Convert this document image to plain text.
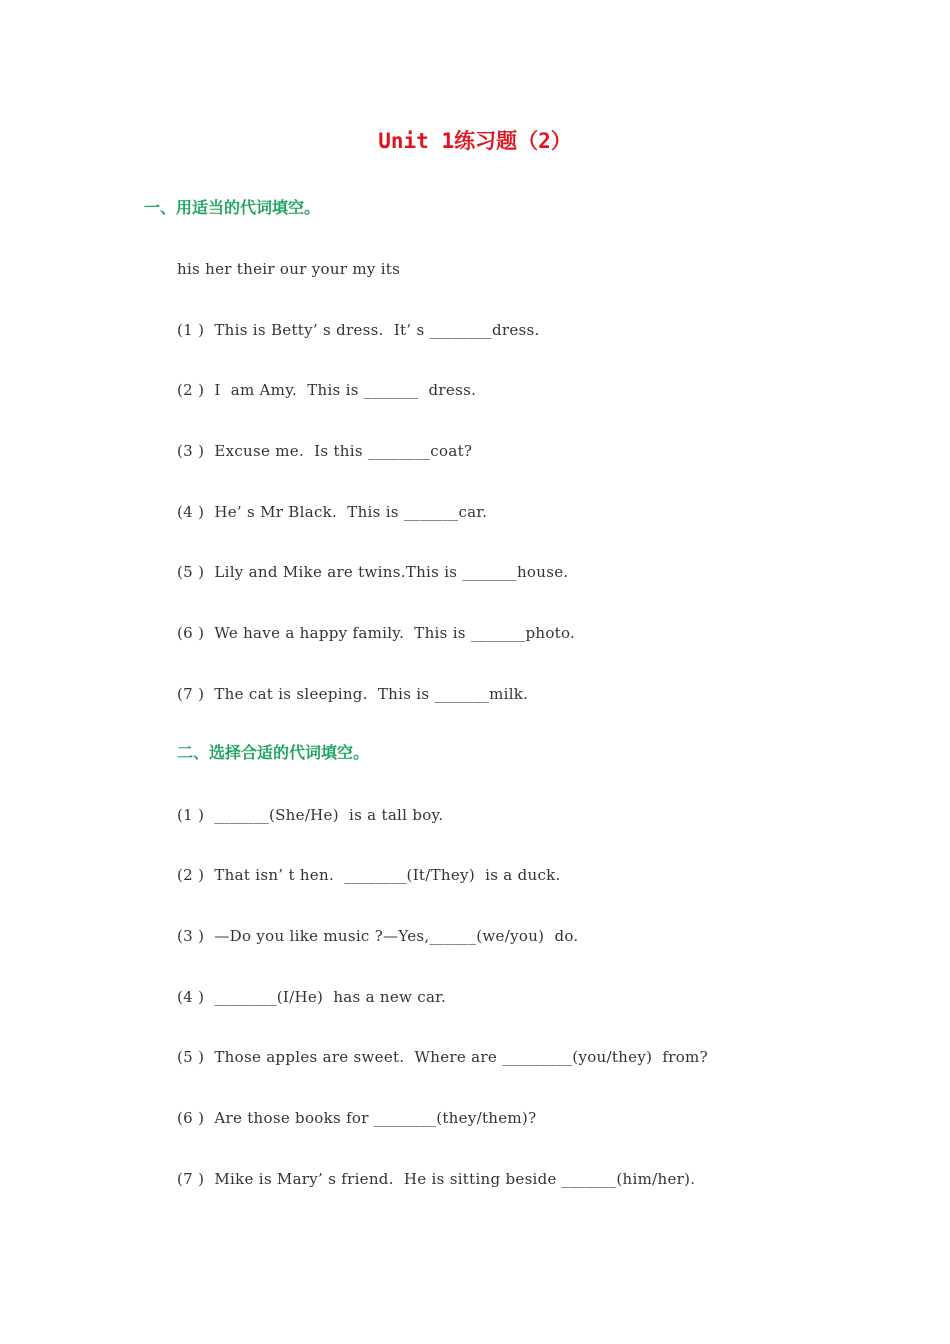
Unit 1练习题（2）
一、用适当的代词填空。
his her their our your my its
(1 )  This is Betty’ s dress.  It’ s ________dress.
(2 )  I  am Amy.  This is _______  dress.
(3 )  Excuse me.  Is this ________coat?
(4 )  He’ s Mr Black.  This is _______car.
(5 )  Lily and Mike are twins.This is _______house.
(6 )  We have a happy family.  This is _______photo.
(7 )  The cat is sleeping.  This is _______milk.
二、选择合适的代词填空。
(1 )  _______(She/He)  is a tall boy.
(2 )  That isn’ t hen.  ________(It/They)  is a duck.
(3 )  —Do you like music ?—Yes,______(we/you)  do.
(4 )  ________(I/He)  has a new car.
(5 )  Those apples are sweet.  Where are _________(you/they)  from?
(6 )  Are those books for ________(they/them)?
(7 )  Mike is Mary’ s friend.  He is sitting beside _______(him/her).
